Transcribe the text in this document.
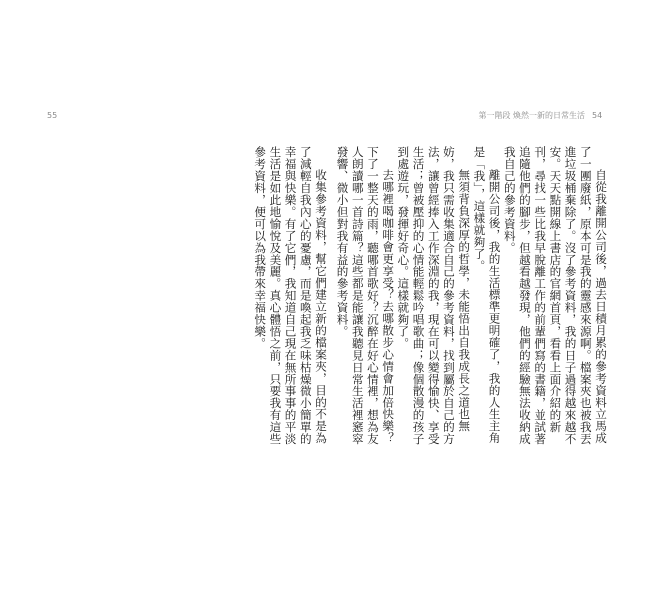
55	第一階段 煥然一新的日常生活 54

自從我離開公司後，過去日積月累的參考資料立馬成了一團廢紙，原本可是我的靈感來源啊。檔案夾也被我丟進垃圾桶棄除了。沒了參考資料，我的日子過得越來越不安。天天點開線上書店的官網首頁，看看上面介紹的新刊，尋找一些比我早脫離工作的前輩們寫的書籍，並試著追隨他們的腳步，但越看越發現，他們的經驗無法收納成我自己的參考資料。

離開公司後，我的生活標準更明確了，我的人生主角是「我」，這樣就夠了。

無須背負深厚的哲學，未能悟出自我成長之道也無妨，我只需收集適合自己的參考資料，找到屬於自己的方法，讓曾經捧入工作深淵的我，現在可以變得愉快、享受生活；曾被壓抑的心情能輕鬆吟唱歌曲；像個散漫的孩子到處遊玩，發揮好奇心。這樣就夠了。

去哪裡喝咖啡會更享受？去哪散步心情會加倍快樂？下了一整天的雨，聽哪首歌好？沉醉在好心情裡，想為友人朗讀哪一首詩篇？這些都是能讓我聽見日常生活裡窸窣發響、微小但對我有益的參考資料。

收集參考資料，幫它們建立新的檔案夾，目的不是為了減輕自我內心的憂慮，而是喚起我乏味枯燥微小簡單的幸福與快樂。有了它們，我知道自己現在無所事事的平淡生活是如此地愉悅及美麗。真心體悟之前，只要我有這些參考資料，便可以為我帶來幸福快樂。
